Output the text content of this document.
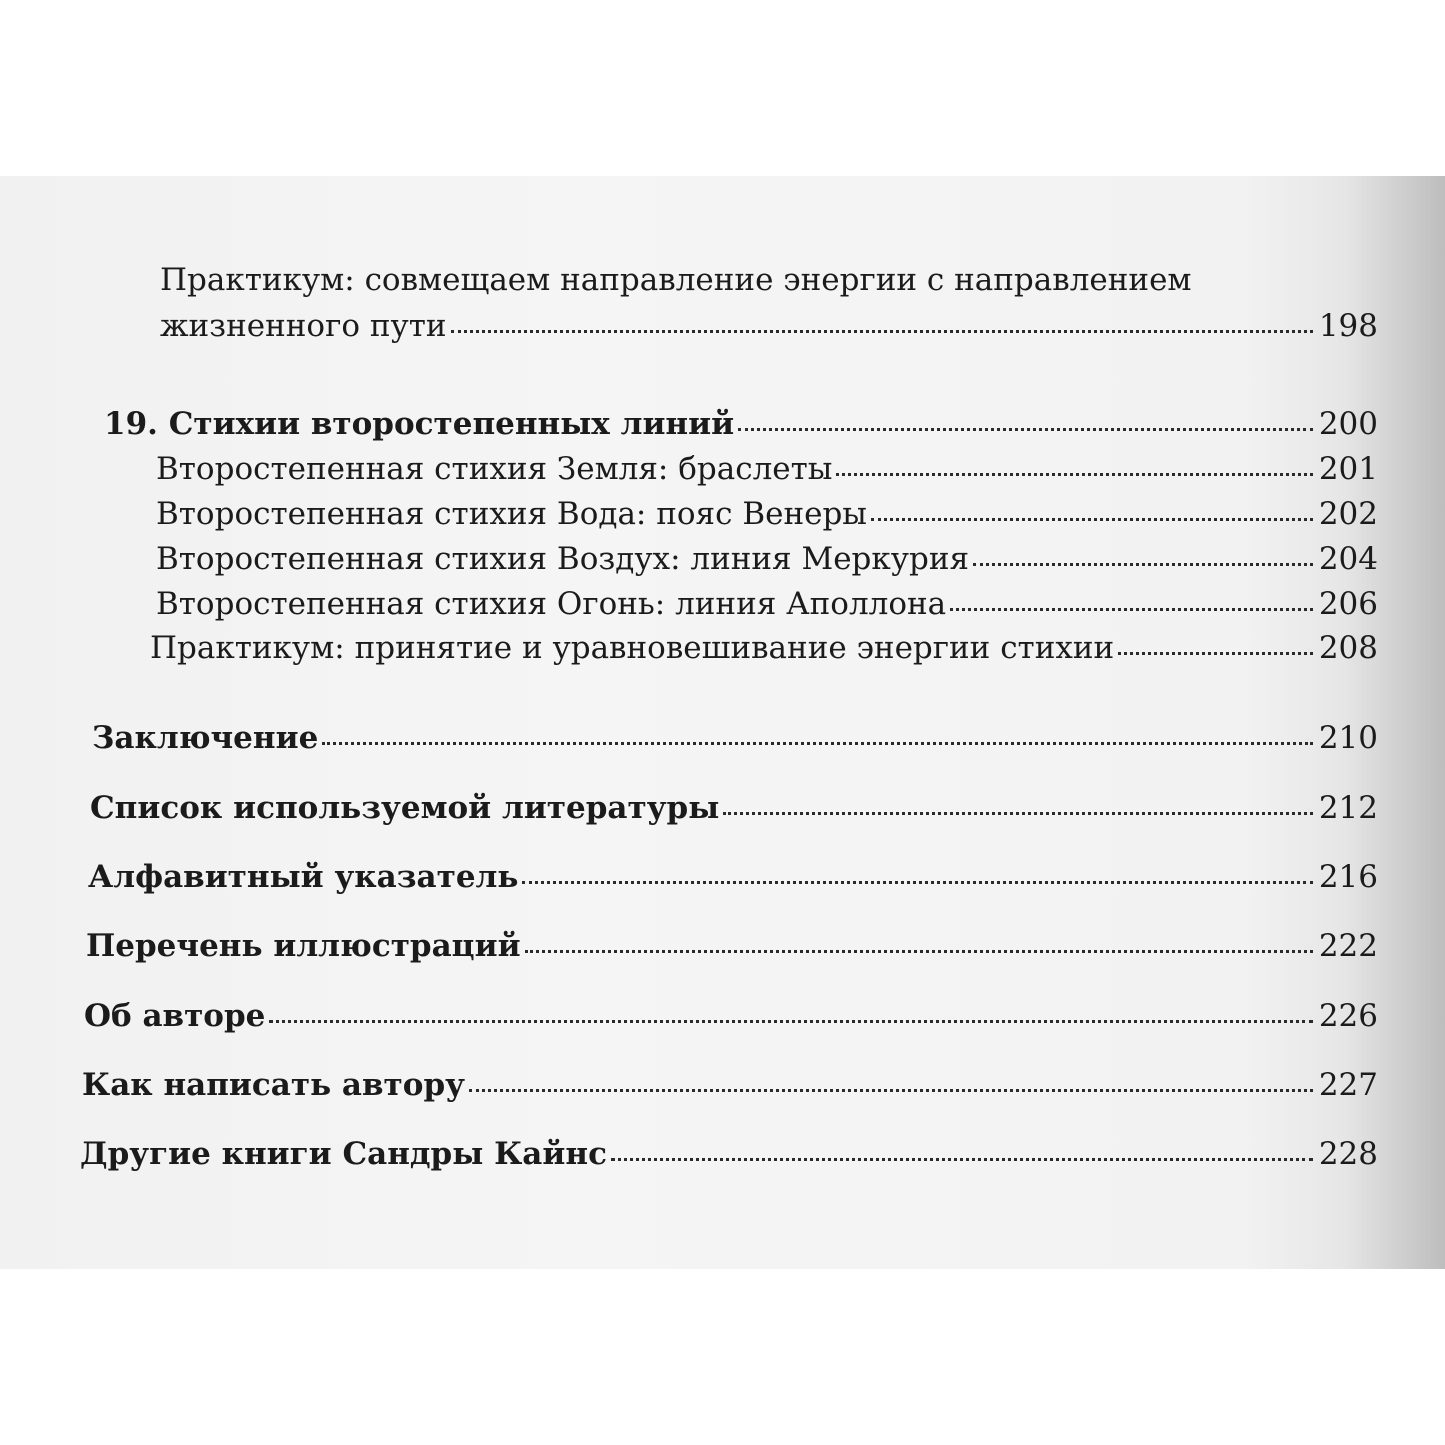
Практикум: совмещаем направление энергии с направлением
жизненного пути	198
19. Стихии второстепенных линий	200
Второстепенная стихия Земля: браслеты	201
Второстепенная стихия Вода: пояс Венеры	202
Второстепенная стихия Воздух: линия Меркурия	204
Второстепенная стихия Огонь: линия Аполлона	206
Практикум: принятие и уравновешивание энергии стихии	208
Заключение	210
Список используемой литературы	212
Алфавитный указатель	216
Перечень иллюстраций	222
Об авторе	226
Как написать автору	227
Другие книги Сандры Кайнс	228
